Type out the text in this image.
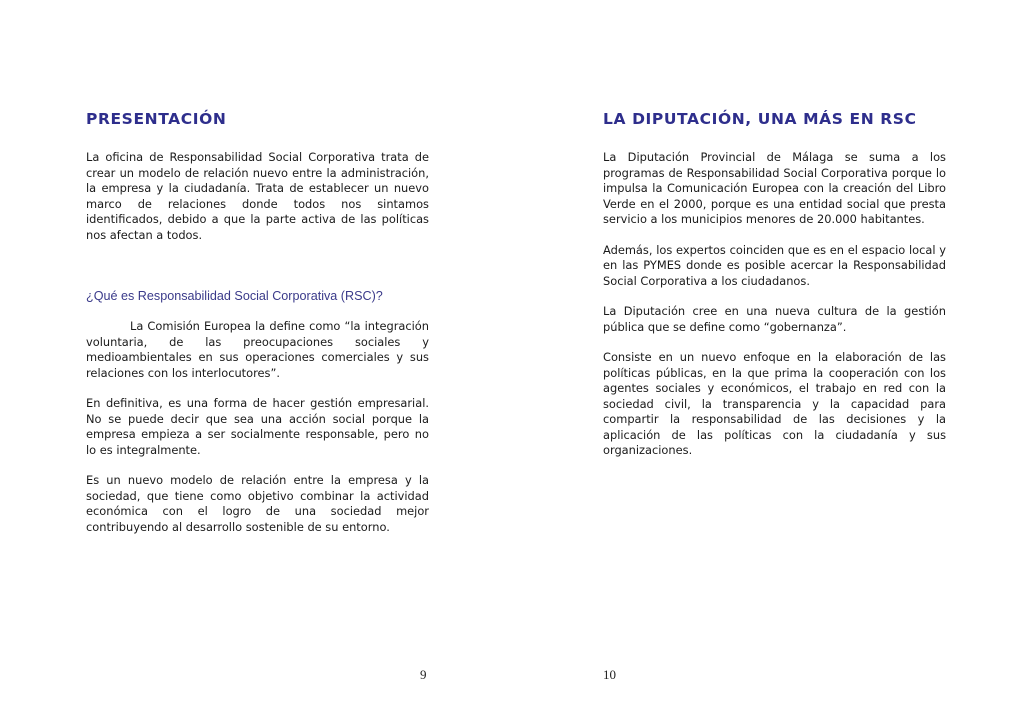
PRESENTACIÓN

La oficina de Responsabilidad Social Corporativa trata de crear un modelo de relación nuevo entre la administración, la empresa y la ciudadanía. Trata de establecer un nuevo marco de relaciones donde todos nos sintamos identificados, debido a que la parte activa de las políticas nos afectan a todos.

¿Qué es Responsabilidad Social Corporativa (RSC)?

La Comisión Europea la define como “la integración voluntaria, de las preocupaciones sociales y medioambientales en sus operaciones comerciales y sus relaciones con los interlocutores”.

En definitiva, es una forma de hacer gestión empresarial. No se puede decir que sea una acción social porque la empresa empieza a ser socialmente responsable, pero no lo es integralmente.

Es un nuevo modelo de relación entre la empresa y la sociedad, que tiene como objetivo combinar la actividad económica con el logro de una sociedad mejor contribuyendo al desarrollo sostenible de su entorno.

9
LA DIPUTACIÓN, UNA MÁS EN RSC

La Diputación Provincial de Málaga se suma a los programas de Responsabilidad Social Corporativa porque lo impulsa la Comunicación Europea con la creación del Libro Verde en el 2000, porque es una entidad social que presta servicio a los municipios menores de 20.000 habitantes.

Además, los expertos coinciden que es en el espacio local y en las PYMES donde es posible acercar la Responsabilidad Social Corporativa a los ciudadanos.

La Diputación cree en una nueva cultura de la gestión pública que se define como “gobernanza”.

Consiste en un nuevo enfoque en la elaboración de las políticas públicas, en la que prima la cooperación con los agentes sociales y económicos, el trabajo en red con la sociedad civil, la transparencia y la capacidad para compartir la responsabilidad de las decisiones y la aplicación de las políticas con la ciudadanía y sus organizaciones.

10
